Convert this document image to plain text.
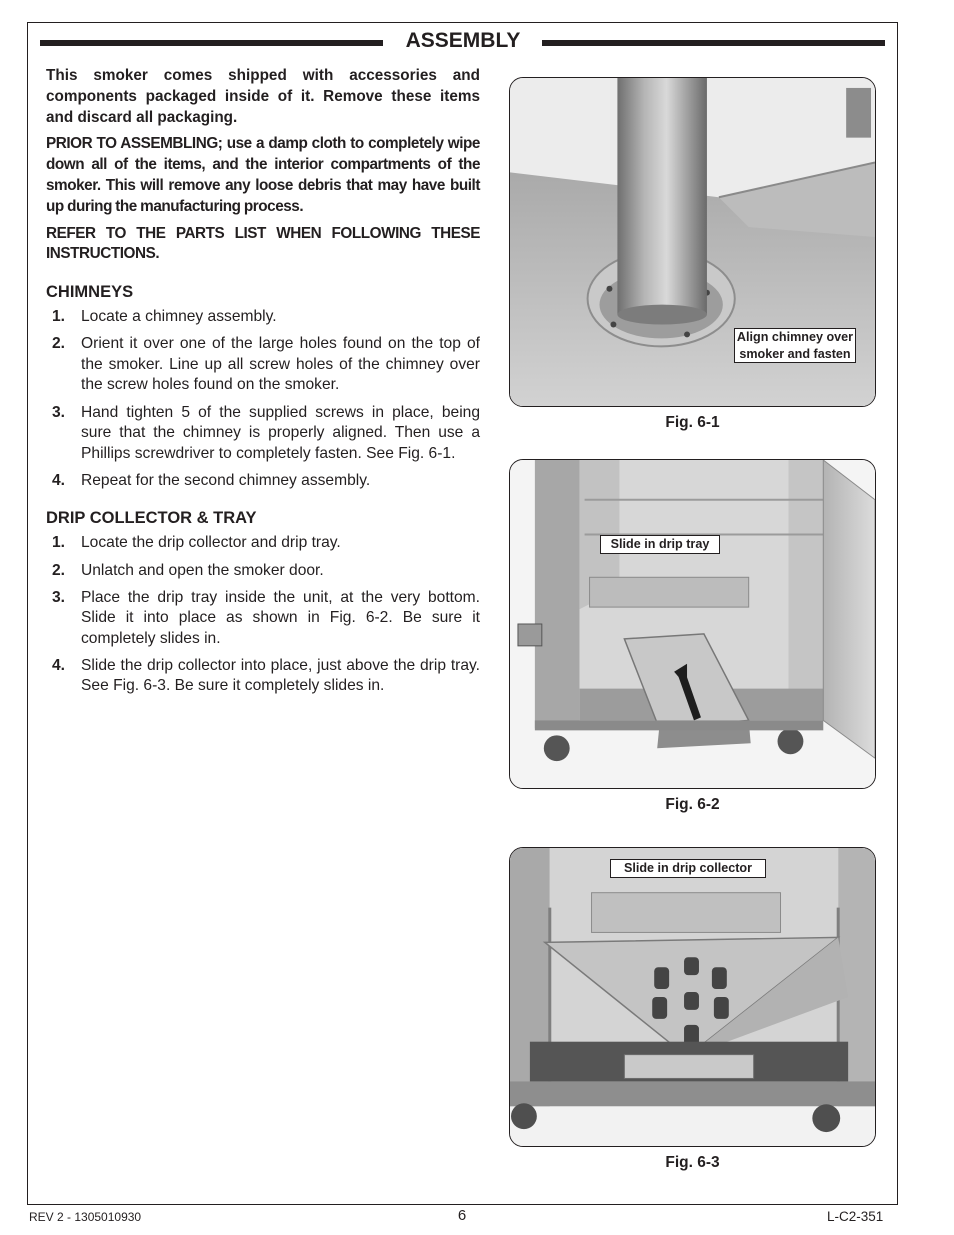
ASSEMBLY

This smoker comes shipped with accessories and components packaged inside of it. Remove these items and discard all packaging.

PRIOR TO ASSEMBLING; use a damp cloth to completely wipe down all of the items, and the interior compartments of the smoker. This will remove any loose debris that may have built up during the manufacturing process.

REFER TO THE PARTS LIST WHEN FOLLOWING THESE INSTRUCTIONS.

CHIMNEYS
1. Locate a chimney assembly.
2. Orient it over one of the large holes found on the top of the smoker. Line up all screw holes of the chimney over the screw holes found on the smoker.
3. Hand tighten 5 of the supplied screws in place, being sure that the chimney is properly aligned. Then use a Phillips screwdriver to completely fasten. See Fig. 6-1.
4. Repeat for the second chimney assembly.
DRIP COLLECTOR & TRAY
1. Locate the drip collector and drip tray.
2. Unlatch and open the smoker door.
3. Place the drip tray inside the unit, at the very bottom. Slide it into place as shown in Fig. 6-2. Be sure it completely slides in.
4. Slide the drip collector into place, just above the drip tray. See Fig. 6-3. Be sure it completely slides in.
Align chimney over smoker and fasten
Fig. 6-1
Slide in drip tray
Fig. 6-2
Slide in drip collector
Fig. 6-3
REV 2 - 1305010930	6	L-C2-351
